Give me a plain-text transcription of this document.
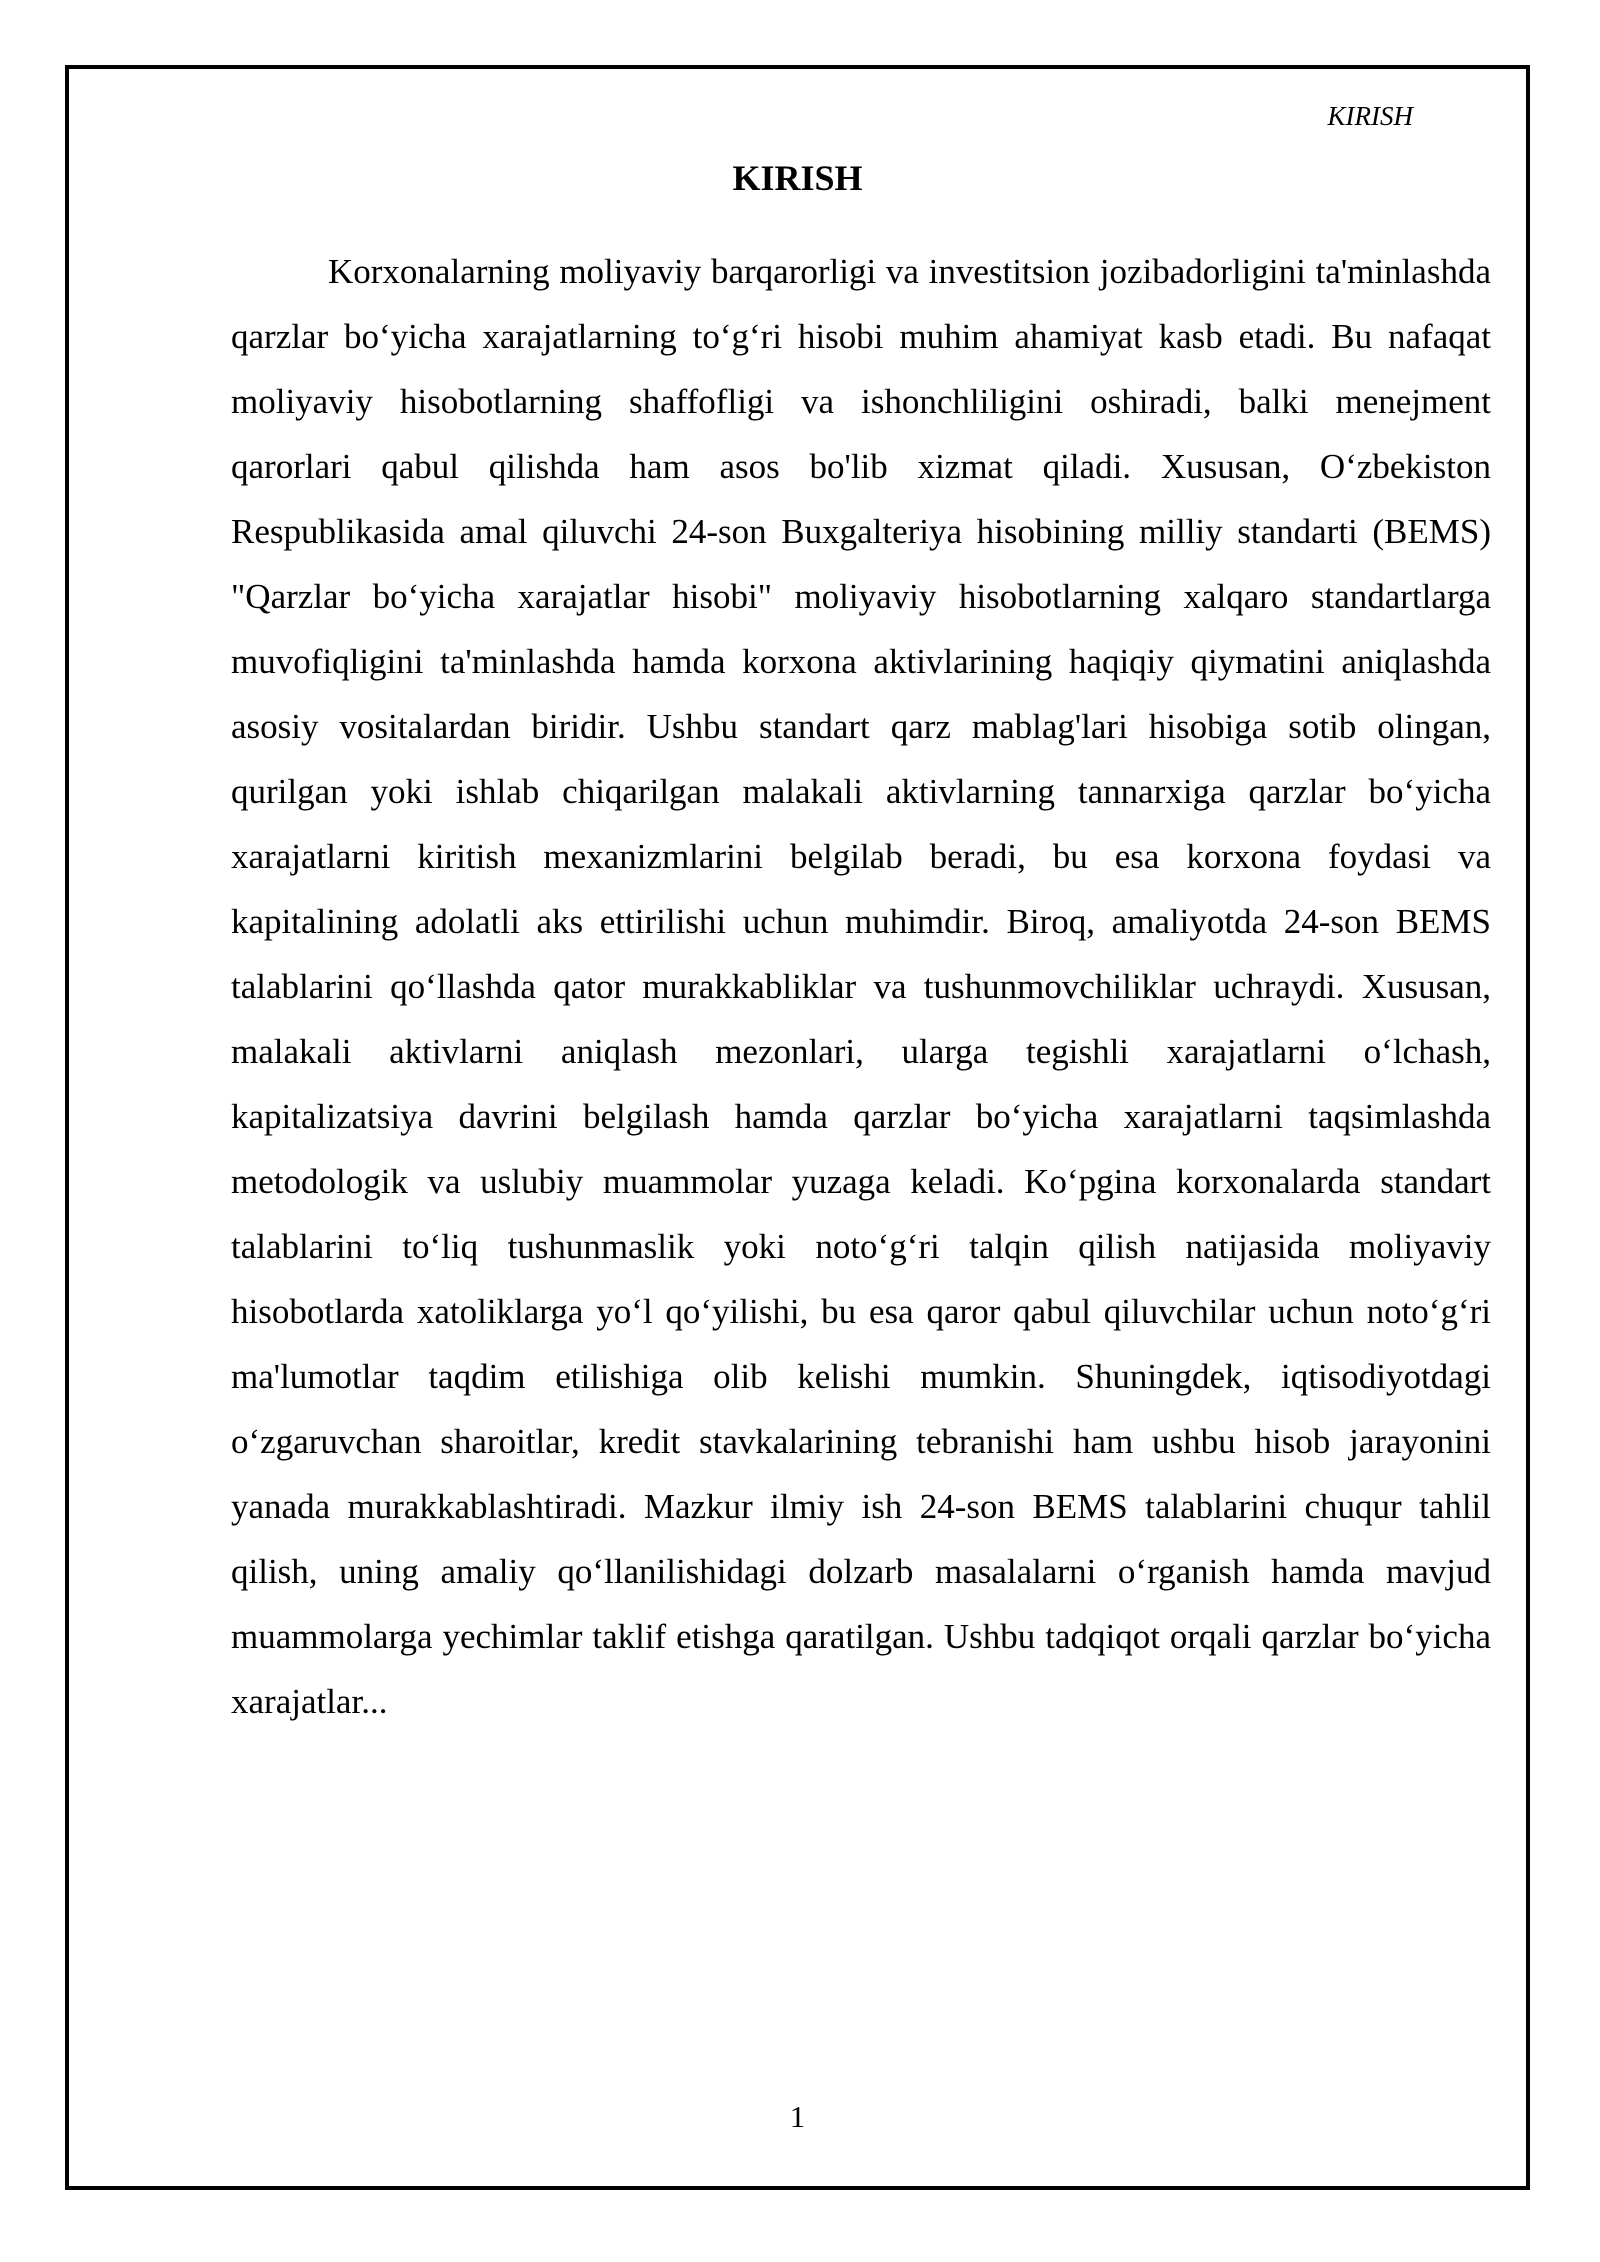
KIRISH
KIRISH

Korxonalarning moliyaviy barqarorligi va investitsion jozibadorligini ta'minlashda qarzlar bo‘yicha xarajatlarning to‘g‘ri hisobi muhim ahamiyat kasb etadi. Bu nafaqat moliyaviy hisobotlarning shaffofligi va ishonchliligini oshiradi, balki menejment qarorlari qabul qilishda ham asos bo'lib xizmat qiladi. Xususan, O‘zbekiston Respublikasida amal qiluvchi 24-son Buxgalteriya hisobining milliy standarti (BEMS) "Qarzlar bo‘yicha xarajatlar hisobi" moliyaviy hisobotlarning xalqaro standartlarga muvofiqligini ta'minlashda hamda korxona aktivlarining haqiqiy qiymatini aniqlashda asosiy vositalardan biridir. Ushbu standart qarz mablag'lari hisobiga sotib olingan, qurilgan yoki ishlab chiqarilgan malakali aktivlarning tannarxiga qarzlar bo‘yicha xarajatlarni kiritish mexanizmlarini belgilab beradi, bu esa korxona foydasi va kapitalining adolatli aks ettirilishi uchun muhimdir. Biroq, amaliyotda 24-son BEMS talablarini qo‘llashda qator murakkabliklar va tushunmovchiliklar uchraydi. Xususan, malakali aktivlarni aniqlash mezonlari, ularga tegishli xarajatlarni o‘lchash, kapitalizatsiya davrini belgilash hamda qarzlar bo‘yicha xarajatlarni taqsimlashda metodologik va uslubiy muammolar yuzaga keladi. Ko‘pgina korxonalarda standart talablarini to‘liq tushunmaslik yoki noto‘g‘ri talqin qilish natijasida moliyaviy hisobotlarda xatoliklarga yo‘l qo‘yilishi, bu esa qaror qabul qiluvchilar uchun noto‘g‘ri ma'lumotlar taqdim etilishiga olib kelishi mumkin. Shuningdek, iqtisodiyotdagi o‘zgaruvchan sharoitlar, kredit stavkalarining tebranishi ham ushbu hisob jarayonini yanada murakkablashtiradi. Mazkur ilmiy ish 24-son BEMS talablarini chuqur tahlil qilish, uning amaliy qo‘llanilishidagi dolzarb masalalarni o‘rganish hamda mavjud muammolarga yechimlar taklif etishga qaratilgan. Ushbu tadqiqot orqali qarzlar bo‘yicha xarajatlar...

1
